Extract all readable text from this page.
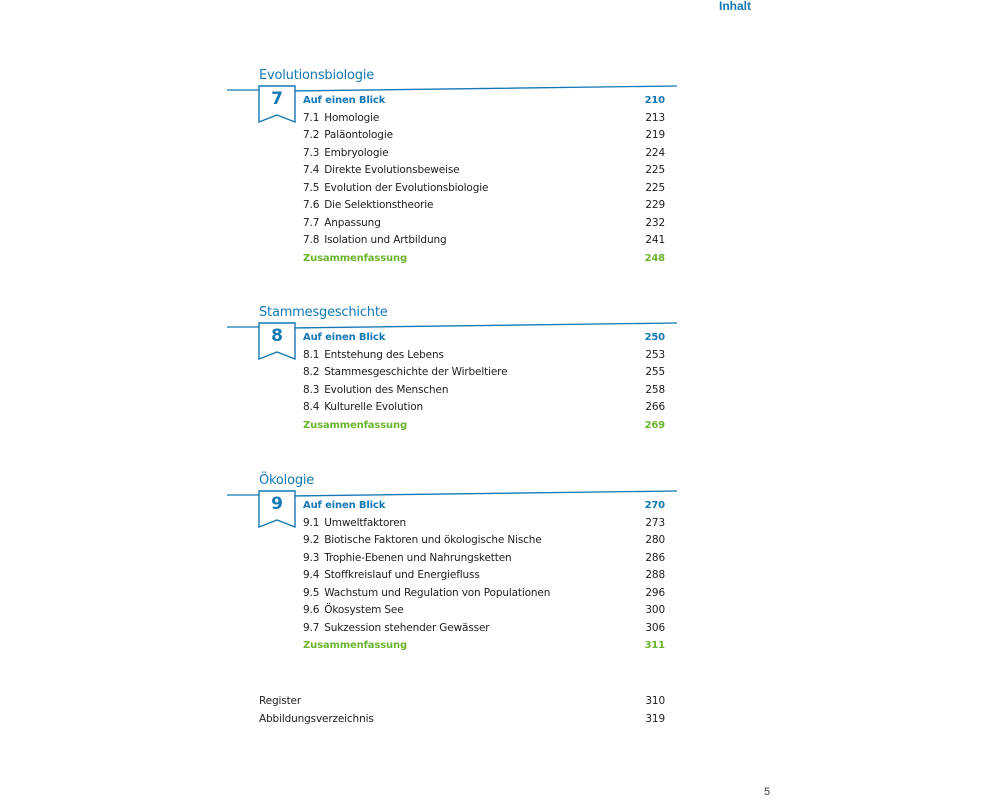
Inhalt
Evolutionsbiologie
7	Auf einen Blick	210
7.1 Homologie	213
7.2 Paläontologie	219
7.3 Embryologie	224
7.4 Direkte Evolutionsbeweise	225
7.5 Evolution der Evolutionsbiologie	225
7.6 Die Selektionstheorie	229
7.7 Anpassung	232
7.8 Isolation und Artbildung	241
Zusammenfassung	248
Stammesgeschichte
8	Auf einen Blick	250
8.1 Entstehung des Lebens	253
8.2 Stammesgeschichte der Wirbeltiere	255
8.3 Evolution des Menschen	258
8.4 Kulturelle Evolution	266
Zusammenfassung	269
Ökologie
9	Auf einen Blick	270
9.1 Umweltfaktoren	273
9.2 Biotische Faktoren und ökologische Nische	280
9.3 Trophie-Ebenen und Nahrungsketten	286
9.4 Stoffkreislauf und Energiefluss	288
9.5 Wachstum und Regulation von Populationen	296
9.6 Ökosystem See	300
9.7 Sukzession stehender Gewässer	306
Zusammenfassung	311
Register	310
Abbildungsverzeichnis	319
5
